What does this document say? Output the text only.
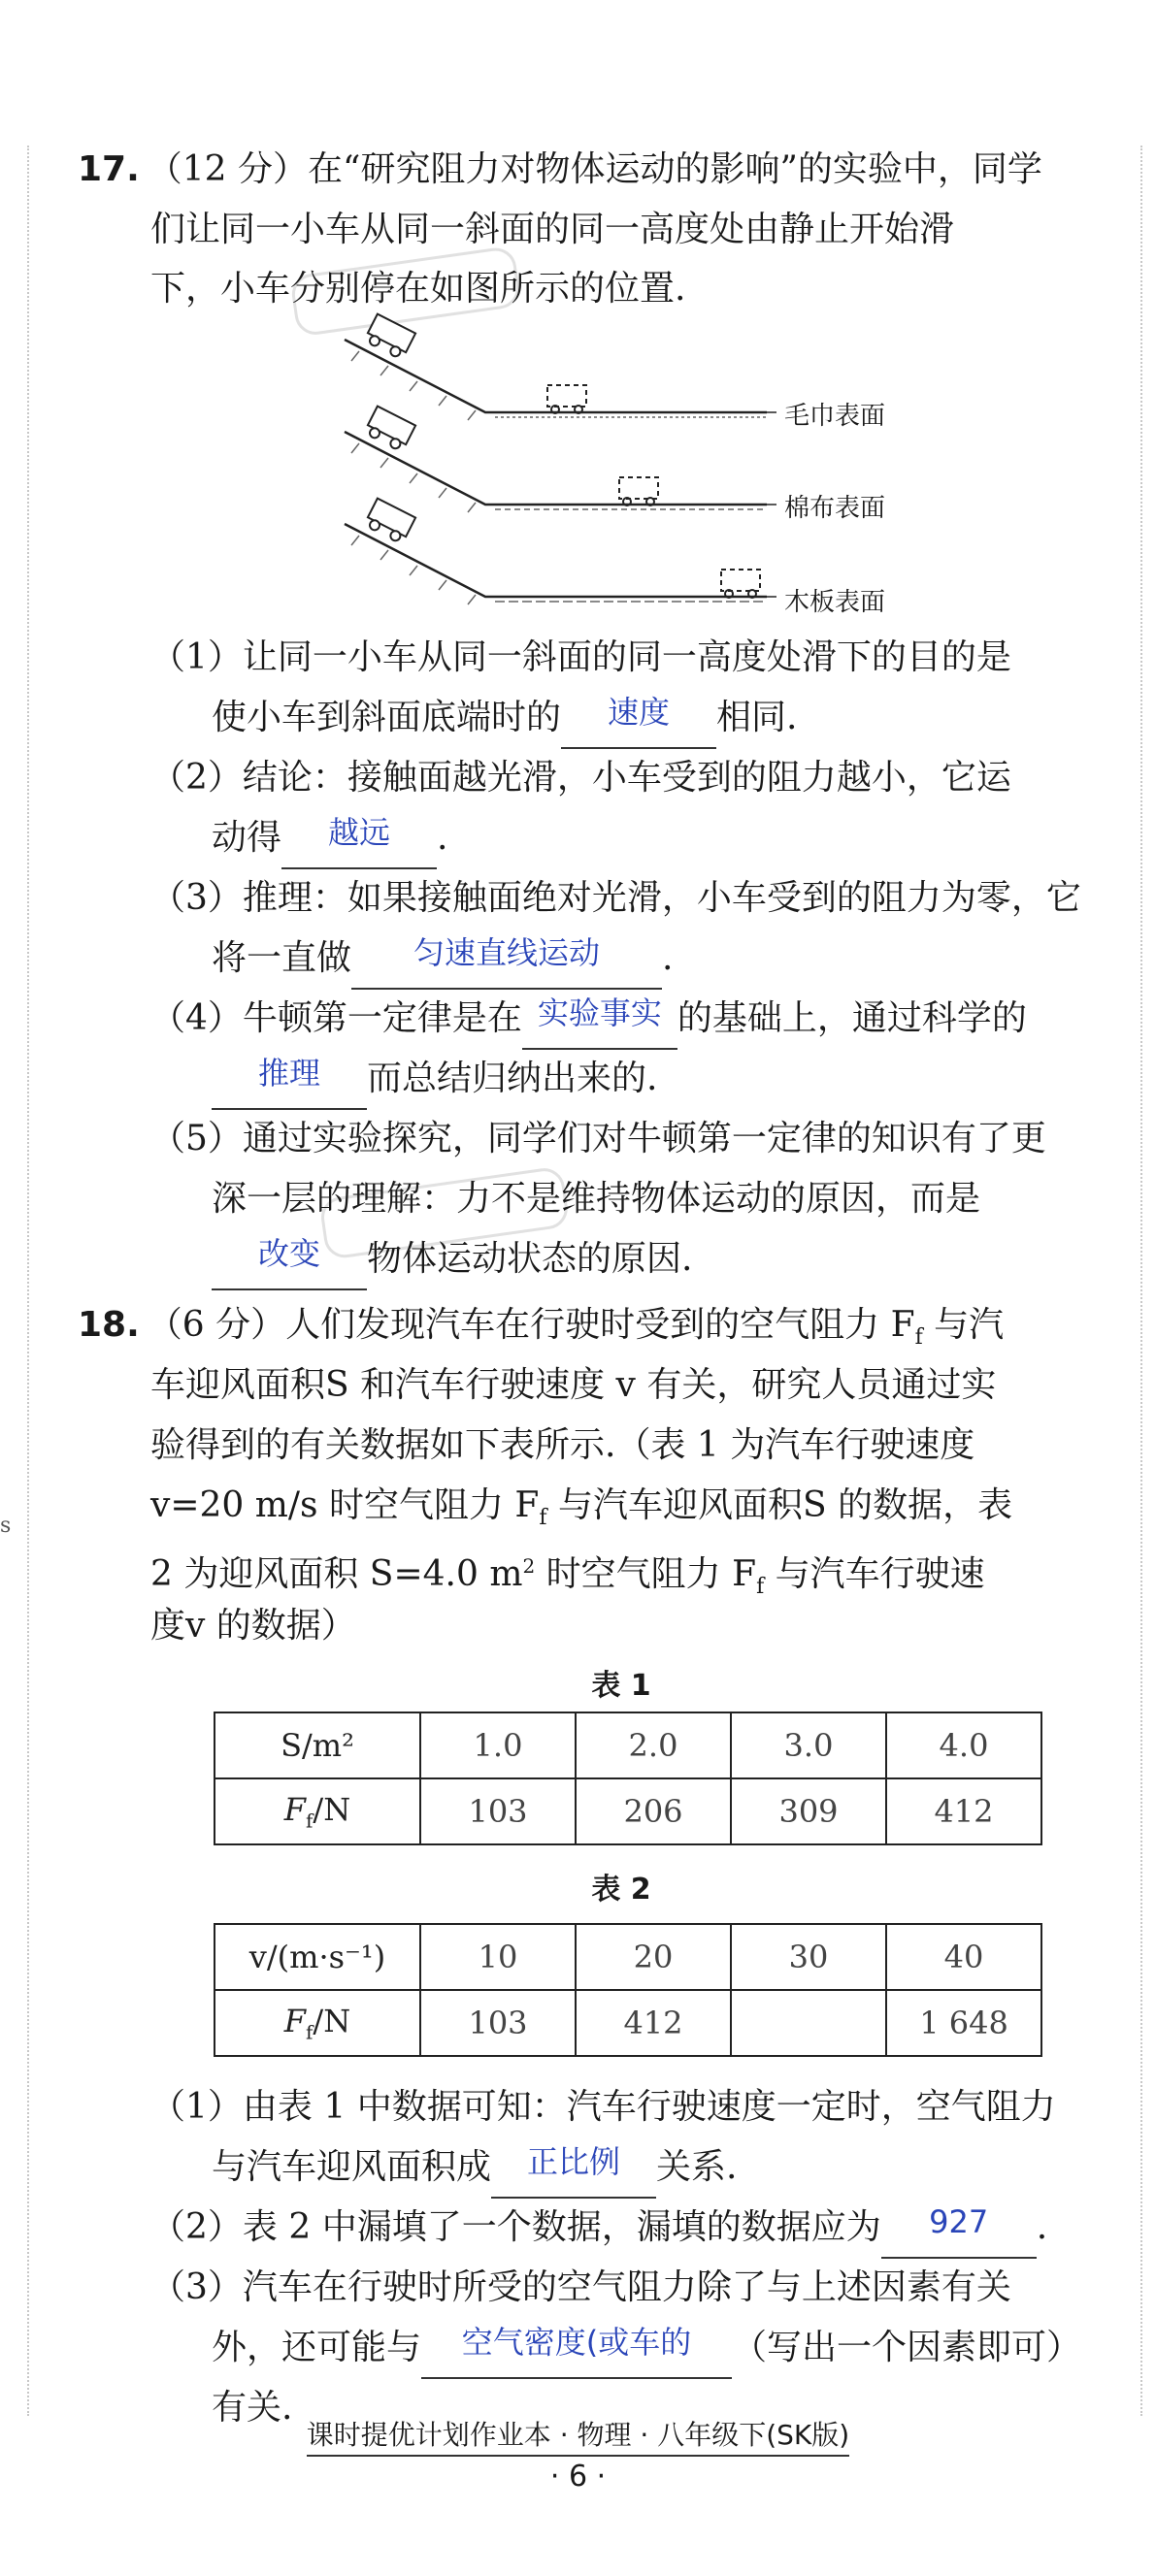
s
17. （12 分）在“研究阻力对物体运动的影响”的实验中，同学
们让同一小车从同一斜面的同一高度处由静止开始滑
下，小车分别停在如图所示的位置.
毛巾表面
棉布表面
木板表面
（1）让同一小车从同一斜面的同一高度处滑下的目的是
使小车到斜面底端时的 速度 相同.
（2）结论：接触面越光滑，小车受到的阻力越小，它运
动得 越远 .
（3）推理：如果接触面绝对光滑，小车受到的阻力为零，它
将一直做 匀速直线运动 .
（4）牛顿第一定律是在 实验事实 的基础上，通过科学的
推理 而总结归纳出来的.
（5）通过实验探究，同学们对牛顿第一定律的知识有了更
深一层的理解：力不是维持物体运动的原因，而是
改变 物体运动状态的原因.
18. （6 分）人们发现汽车在行驶时受到的空气阻力 $F_f$ 与汽
车迎风面积S 和汽车行驶速度 v 有关，研究人员通过实
验得到的有关数据如下表所示.（表 1 为汽车行驶速度
v=20 m/s 时空气阻力 $F_f$ 与汽车迎风面积S 的数据，表
2 为迎风面积 S=4.0 $m^2$ 时空气阻力 $F_f$ 与汽车行驶速
度v 的数据）
表 1
S/m²	1.0	2.0	3.0	4.0
$F_f/N$	103	206	309	412
表 2
v/(m·s⁻¹)	10	20	30	40
$F_f/N$	103	412		1 648
（1）由表 1 中数据可知：汽车行驶速度一定时，空气阻力
与汽车迎风面积成 正比例 关系.
（2）表 2 中漏填了一个数据，漏填的数据应为 927 .
（3）汽车在行驶时所受的空气阻力除了与上述因素有关
外，还可能与 空气密度(或车的 （写出一个因素即可）
有关.
课时提优计划作业本 · 物理 · 八年级下(SK版)
· 6 ·
